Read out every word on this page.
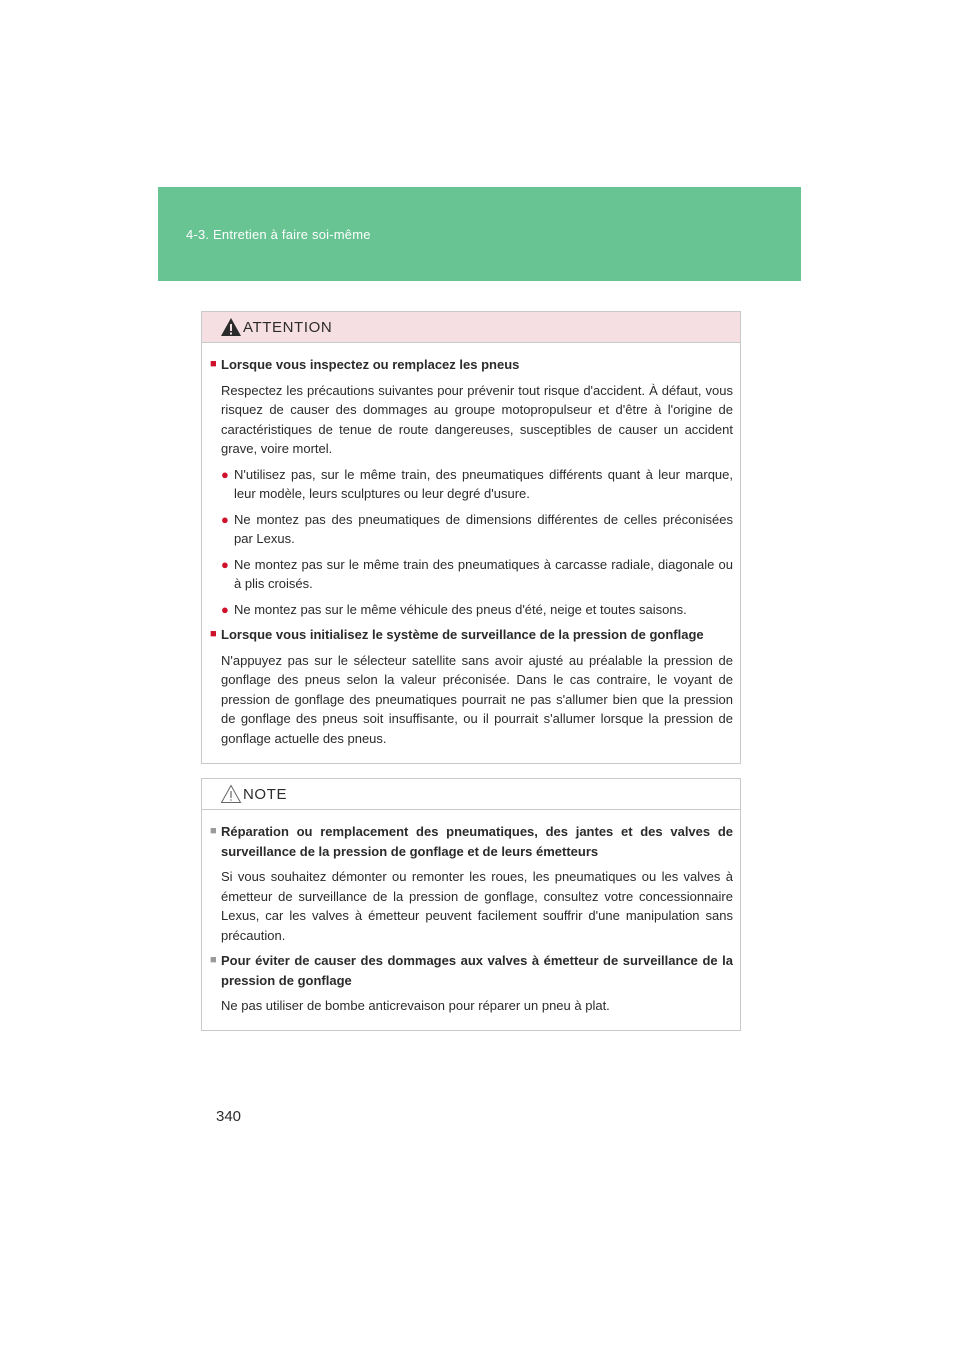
4-3. Entretien à faire soi-même
ATTENTION
■ Lorsque vous inspectez ou remplacez les pneus
Respectez les précautions suivantes pour prévenir tout risque d'accident. À défaut, vous risquez de causer des dommages au groupe motopropulseur et d'être à l'origine de caractéristiques de tenue de route dangereuses, susceptibles de causer un accident grave, voire mortel.
● N'utilisez pas, sur le même train, des pneumatiques différents quant à leur marque, leur modèle, leurs sculptures ou leur degré d'usure.
● Ne montez pas des pneumatiques de dimensions différentes de celles préconisées par Lexus.
● Ne montez pas sur le même train des pneumatiques à carcasse radiale, diagonale ou à plis croisés.
● Ne montez pas sur le même véhicule des pneus d'été, neige et toutes saisons.
■ Lorsque vous initialisez le système de surveillance de la pression de gonflage
N'appuyez pas sur le sélecteur satellite sans avoir ajusté au préalable la pression de gonflage des pneus selon la valeur préconisée. Dans le cas contraire, le voyant de pression de gonflage des pneumatiques pourrait ne pas s'allumer bien que la pression de gonflage des pneus soit insuffisante, ou il pourrait s'allumer lorsque la pression de gonflage actuelle des pneus.
NOTE
■ Réparation ou remplacement des pneumatiques, des jantes et des valves de surveillance de la pression de gonflage et de leurs émetteurs
Si vous souhaitez démonter ou remonter les roues, les pneumatiques ou les valves à émetteur de surveillance de la pression de gonflage, consultez votre concessionnaire Lexus, car les valves à émetteur peuvent facilement souffrir d'une manipulation sans précaution.
■ Pour éviter de causer des dommages aux valves à émetteur de surveillance de la pression de gonflage
Ne pas utiliser de bombe anticrevaison pour réparer un pneu à plat.
340
